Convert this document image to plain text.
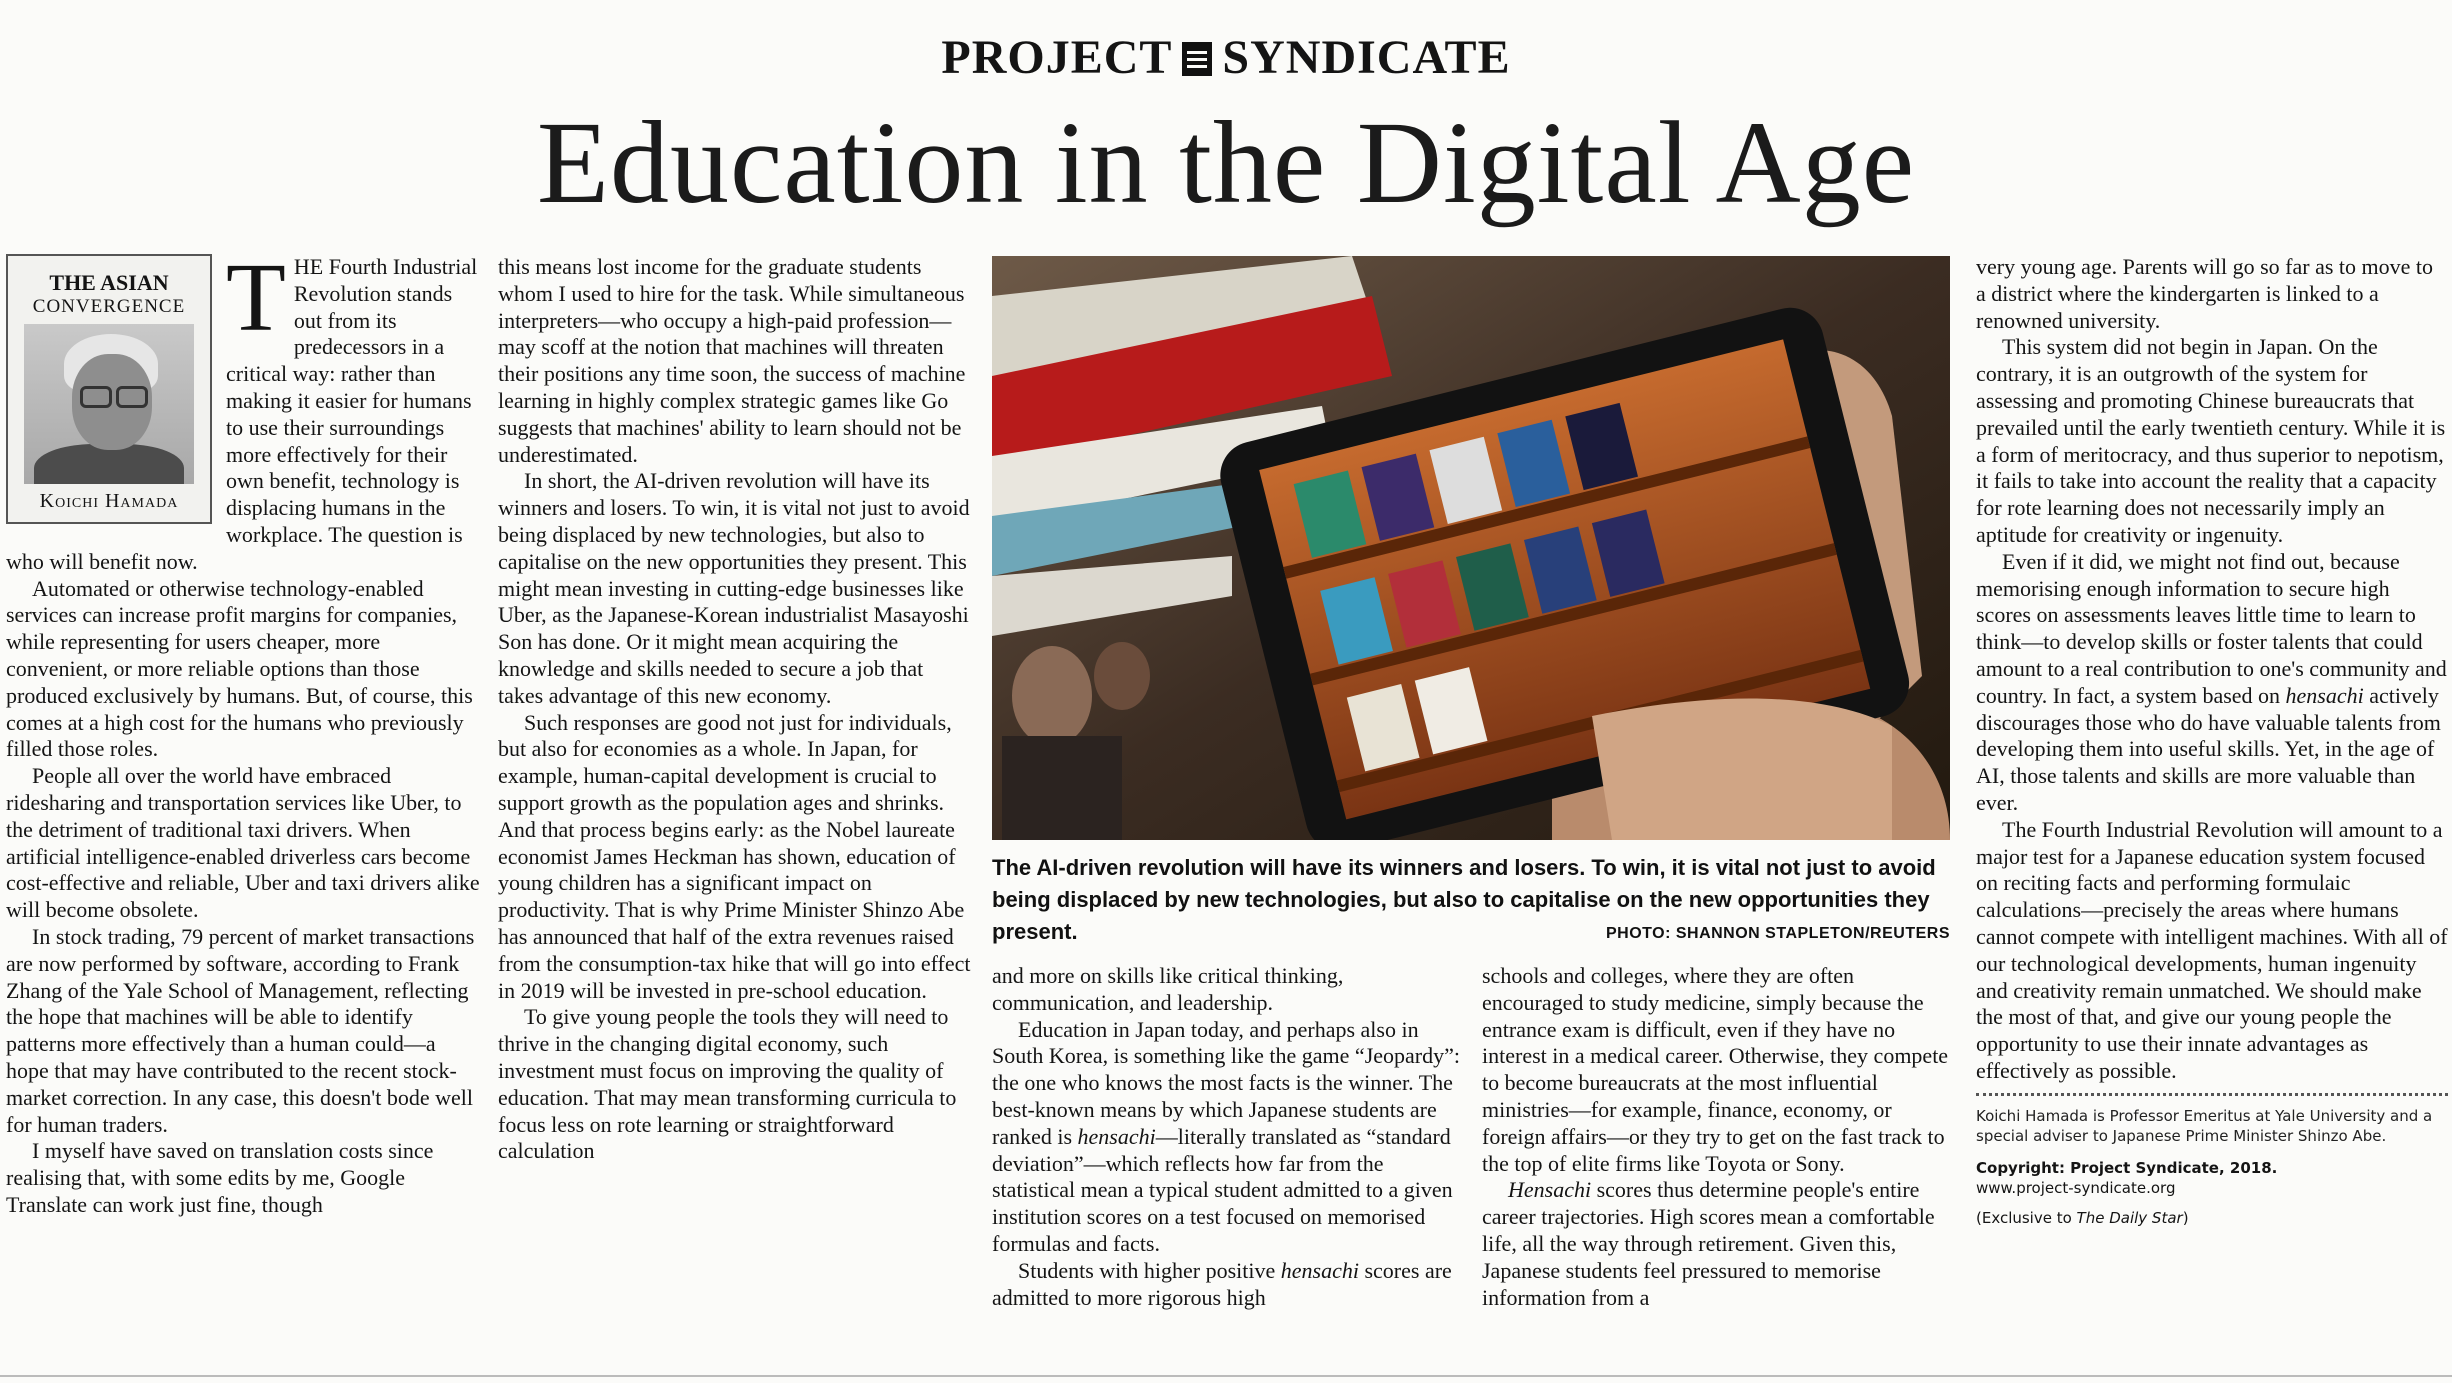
PROJECT SYNDICATE
Education in the Digital Age
THE ASIAN
CONVERGENCE
Koichi Hamada

THE Fourth Industrial Revolution stands out from its predecessors in a critical way: rather than making it easier for humans to use their surroundings more effectively for their own benefit, technology is displacing humans in the workplace. The question is who will benefit now.

Automated or otherwise technology-enabled services can increase profit margins for companies, while representing for users cheaper, more convenient, or more reliable options than those produced exclusively by humans. But, of course, this comes at a high cost for the humans who previously filled those roles.

People all over the world have embraced ridesharing and transportation services like Uber, to the detriment of traditional taxi drivers. When artificial intelligence-enabled driverless cars become cost-effective and reliable, Uber and taxi drivers alike will become obsolete.

In stock trading, 79 percent of market transactions are now performed by software, according to Frank Zhang of the Yale School of Management, reflecting the hope that machines will be able to identify patterns more effectively than a human could—a hope that may have contributed to the recent stock-market correction. In any case, this doesn't bode well for human traders.

I myself have saved on translation costs since realising that, with some edits by me, Google Translate can work just fine, though

this means lost income for the graduate students whom I used to hire for the task. While simultaneous interpreters—who occupy a high-paid profession—may scoff at the notion that machines will threaten their positions any time soon, the success of machine learning in highly complex strategic games like Go suggests that machines' ability to learn should not be underestimated.

In short, the AI-driven revolution will have its winners and losers. To win, it is vital not just to avoid being displaced by new technologies, but also to capitalise on the new opportunities they present. This might mean investing in cutting-edge businesses like Uber, as the Japanese-Korean industrialist Masayoshi Son has done. Or it might mean acquiring the knowledge and skills needed to secure a job that takes advantage of this new economy.

Such responses are good not just for individuals, but also for economies as a whole. In Japan, for example, human-capital development is crucial to support growth as the population ages and shrinks. And that process begins early: as the Nobel laureate economist James Heckman has shown, education of young children has a significant impact on productivity. That is why Prime Minister Shinzo Abe has announced that half of the extra revenues raised from the consumption-tax hike that will go into effect in 2019 will be invested in pre-school education.

To give young people the tools they will need to thrive in the changing digital economy, such investment must focus on improving the quality of education. That may mean transforming curricula to focus less on rote learning or straightforward calculation

The AI-driven revolution will have its winners and losers. To win, it is vital not just to avoid being displaced by new technologies, but also to capitalise on the new opportunities they present.	PHOTO: SHANNON STAPLETON/REUTERS

and more on skills like critical thinking, communication, and leadership.

Education in Japan today, and perhaps also in South Korea, is something like the game “Jeopardy”: the one who knows the most facts is the winner. The best-known means by which Japanese students are ranked is hensachi—literally translated as “standard deviation”—which reflects how far from the statistical mean a typical student admitted to a given institution scores on a test focused on memorised formulas and facts.

Students with higher positive hensachi scores are admitted to more rigorous high

schools and colleges, where they are often encouraged to study medicine, simply because the entrance exam is difficult, even if they have no interest in a medical career. Otherwise, they compete to become bureaucrats at the most influential ministries—for example, finance, economy, or foreign affairs—or they try to get on the fast track to the top of elite firms like Toyota or Sony.

Hensachi scores thus determine people's entire career trajectories. High scores mean a comfortable life, all the way through retirement. Given this, Japanese students feel pressured to memorise information from a

very young age. Parents will go so far as to move to a district where the kindergarten is linked to a renowned university.

This system did not begin in Japan. On the contrary, it is an outgrowth of the system for assessing and promoting Chinese bureaucrats that prevailed until the early twentieth century. While it is a form of meritocracy, and thus superior to nepotism, it fails to take into account the reality that a capacity for rote learning does not necessarily imply an aptitude for creativity or ingenuity.

Even if it did, we might not find out, because memorising enough information to secure high scores on assessments leaves little time to learn to think—to develop skills or foster talents that could amount to a real contribution to one's community and country. In fact, a system based on hensachi actively discourages those who do have valuable talents from developing them into useful skills. Yet, in the age of AI, those talents and skills are more valuable than ever.

The Fourth Industrial Revolution will amount to a major test for a Japanese education system focused on reciting facts and performing formulaic calculations—precisely the areas where humans cannot compete with intelligent machines. With all of our technological developments, human ingenuity and creativity remain unmatched. We should make the most of that, and give our young people the opportunity to use their innate advantages as effectively as possible.

Koichi Hamada is Professor Emeritus at Yale University and a special adviser to Japanese Prime Minister Shinzo Abe.
Copyright: Project Syndicate, 2018.
www.project-syndicate.org
(Exclusive to The Daily Star)
